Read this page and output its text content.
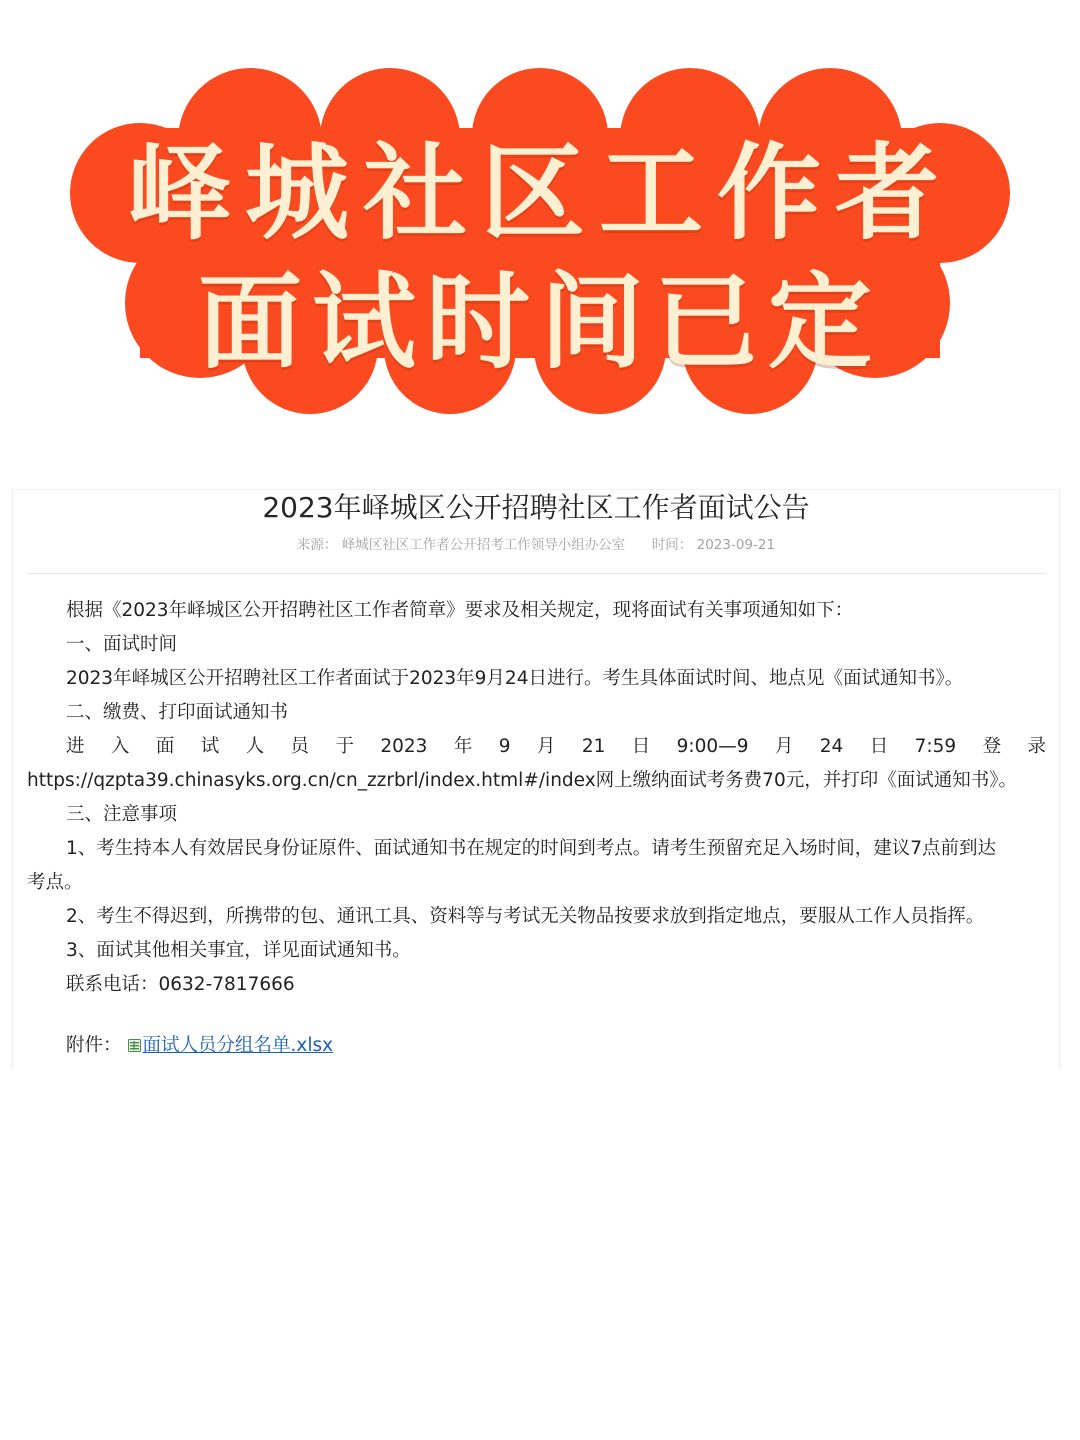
峄城社区工作者
面试时间已定
2023年峄城区公开招聘社区工作者面试公告
来源： 峄城区社区工作者公开招考工作领导小组办公室 时间： 2023-09-21
根据《2023年峄城区公开招聘社区工作者简章》要求及相关规定，现将面试有关事项通知如下：
一、面试时间
2023年峄城区公开招聘社区工作者面试于2023年9月24日进行。考生具体面试时间、地点见《面试通知书》。
二、缴费、打印面试通知书
进 入 面 试 人 员 于 2023 年 9 月 21 日 9:00—9 月 24 日 7:59 登 录
https://qzpta39.chinasyks.org.cn/cn_zzrbrl/index.html#/index网上缴纳面试考务费70元，并打印《面试通知书》。
三、注意事项
1、考生持本人有效居民身份证原件、面试通知书在规定的时间到考点。请考生预留充足入场时间，建议7点前到达
考点。
2、考生不得迟到，所携带的包、通讯工具、资料等与考试无关物品按要求放到指定地点，要服从工作人员指挥。
3、面试其他相关事宜，详见面试通知书。
联系电话：0632-7817666
附件： 面试人员分组名单.xlsx
